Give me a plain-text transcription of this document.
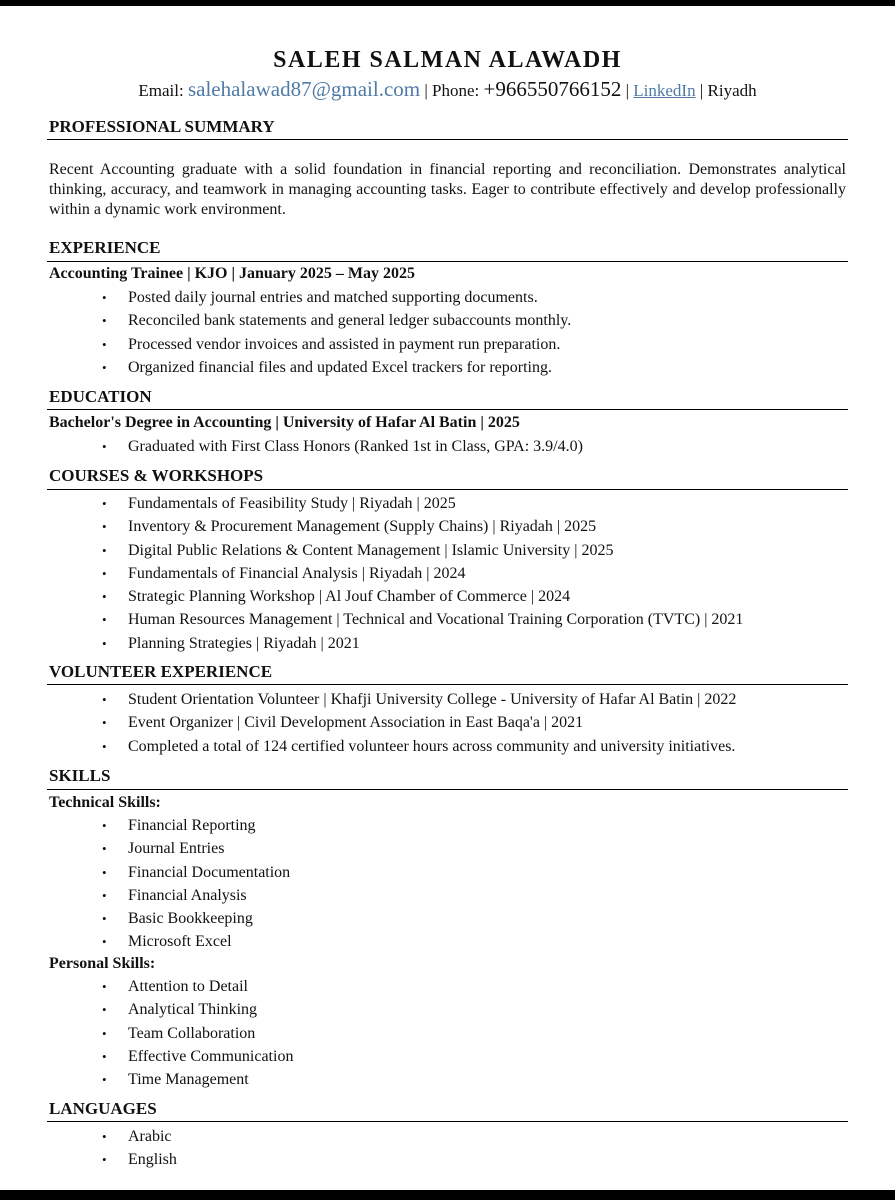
SALEH SALMAN ALAWADH
Email: salehalawad87@gmail.com | Phone: +966550766152 | LinkedIn | Riyadh
PROFESSIONAL SUMMARY
Recent Accounting graduate with a solid foundation in financial reporting and reconciliation. Demonstrates analytical thinking, accuracy, and teamwork in managing accounting tasks. Eager to contribute effectively and develop professionally within a dynamic work environment.
EXPERIENCE
Accounting Trainee | KJO | January 2025 – May 2025
• Posted daily journal entries and matched supporting documents.
• Reconciled bank statements and general ledger subaccounts monthly.
• Processed vendor invoices and assisted in payment run preparation.
• Organized financial files and updated Excel trackers for reporting.
EDUCATION
Bachelor's Degree in Accounting | University of Hafar Al Batin | 2025
• Graduated with First Class Honors (Ranked 1st in Class, GPA: 3.9/4.0)
COURSES & WORKSHOPS
• Fundamentals of Feasibility Study | Riyadah | 2025
• Inventory & Procurement Management (Supply Chains) | Riyadah | 2025
• Digital Public Relations & Content Management | Islamic University | 2025
• Fundamentals of Financial Analysis | Riyadah | 2024
• Strategic Planning Workshop | Al Jouf Chamber of Commerce | 2024
• Human Resources Management | Technical and Vocational Training Corporation (TVTC) | 2021
• Planning Strategies | Riyadah | 2021
VOLUNTEER EXPERIENCE
• Student Orientation Volunteer | Khafji University College - University of Hafar Al Batin | 2022
• Event Organizer | Civil Development Association in East Baqa'a | 2021
• Completed a total of 124 certified volunteer hours across community and university initiatives.
SKILLS
Technical Skills:
• Financial Reporting
• Journal Entries
• Financial Documentation
• Financial Analysis
• Basic Bookkeeping
• Microsoft Excel
Personal Skills:
• Attention to Detail
• Analytical Thinking
• Team Collaboration
• Effective Communication
• Time Management
LANGUAGES
• Arabic
• English
